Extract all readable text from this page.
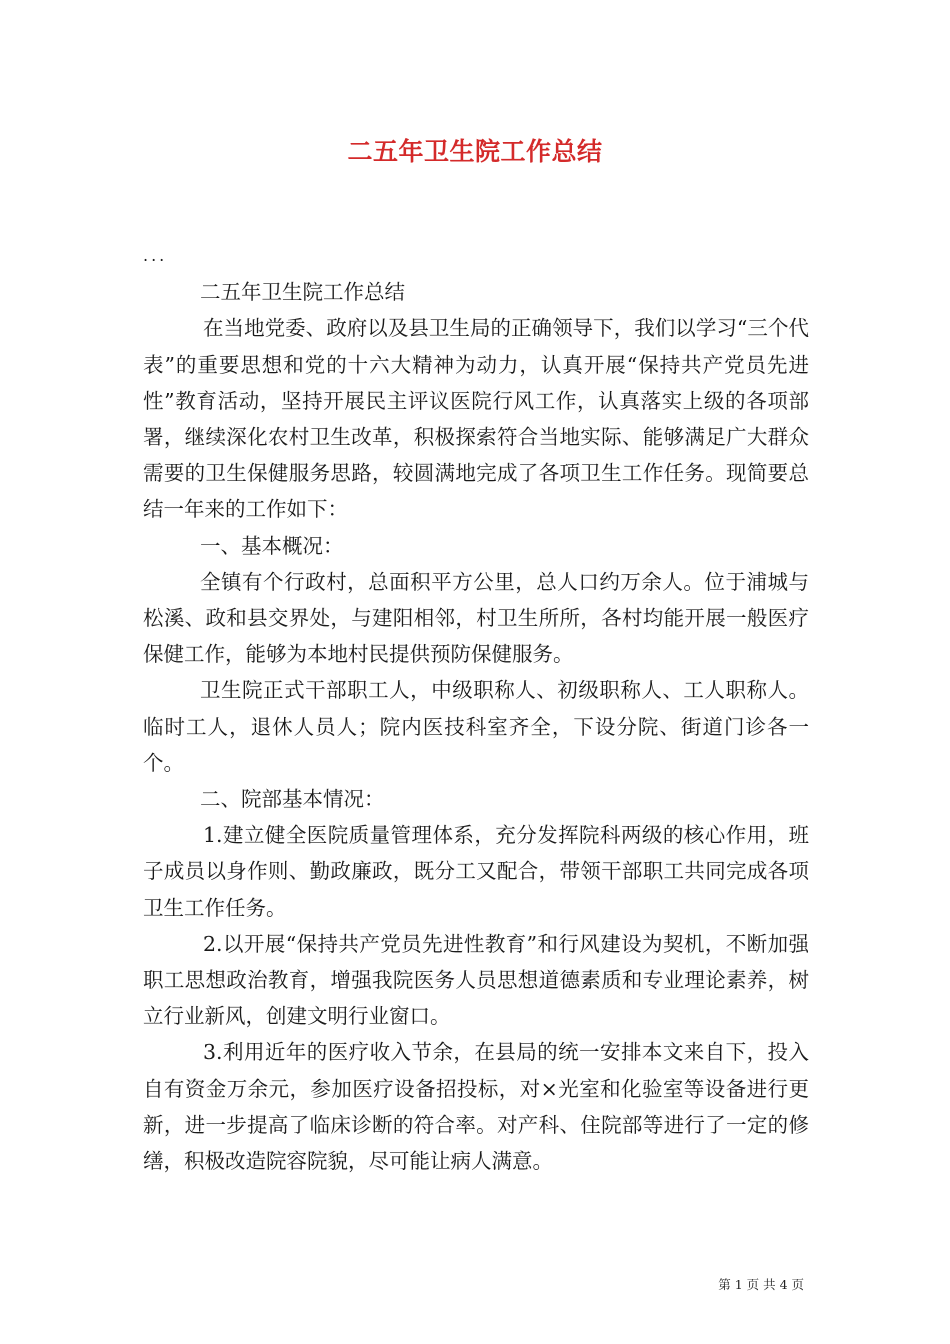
二五年卫生院工作总结

...

二五年卫生院工作总结

在当地党委、政府以及县卫生局的正确领导下，我们以学习“三个代表”的重要思想和党的十六大精神为动力，认真开展“保持共产党员先进性”教育活动，坚持开展民主评议医院行风工作，认真落实上级的各项部署，继续深化农村卫生改革，积极探索符合当地实际、能够满足广大群众需要的卫生保健服务思路，较圆满地完成了各项卫生工作任务。现简要总结一年来的工作如下：

一、基本概况：

全镇有个行政村，总面积平方公里，总人口约万余人。位于浦城与松溪、政和县交界处，与建阳相邻，村卫生所所，各村均能开展一般医疗保健工作，能够为本地村民提供预防保健服务。

卫生院正式干部职工人，中级职称人、初级职称人、工人职称人。临时工人，退休人员人；院内医技科室齐全，下设分院、街道门诊各一个。

二、院部基本情况：

1.建立健全医院质量管理体系，充分发挥院科两级的核心作用，班子成员以身作则、勤政廉政，既分工又配合，带领干部职工共同完成各项卫生工作任务。

2.以开展“保持共产党员先进性教育”和行风建设为契机，不断加强职工思想政治教育，增强我院医务人员思想道德素质和专业理论素养，树立行业新风，创建文明行业窗口。

3.利用近年的医疗收入节余，在县局的统一安排本文来自下，投入自有资金万余元，参加医疗设备招投标，对×光室和化验室等设备进行更新，进一步提高了临床诊断的符合率。对产科、住院部等进行了一定的修缮，积极改造院容院貌，尽可能让病人满意。

第 1 页 共 4 页
